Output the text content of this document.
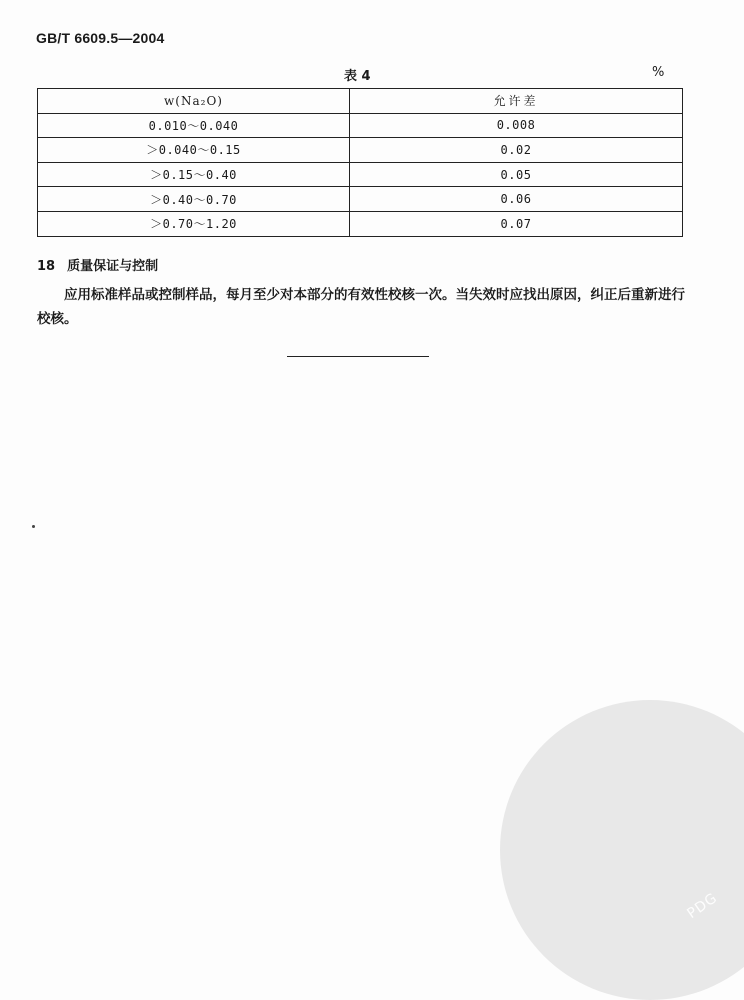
GB/T 6609.5—2004
表 4	%
w(Na₂O)	允许差
0.010～0.040	0.008
＞0.040～0.15	0.02
＞0.15～0.40	0.05
＞0.40～0.70	0.06
＞0.70～1.20	0.07
18 质量保证与控制
应用标准样品或控制样品，每月至少对本部分的有效性校核一次。当失效时应找出原因，纠正后重新进行校核。
PDG
